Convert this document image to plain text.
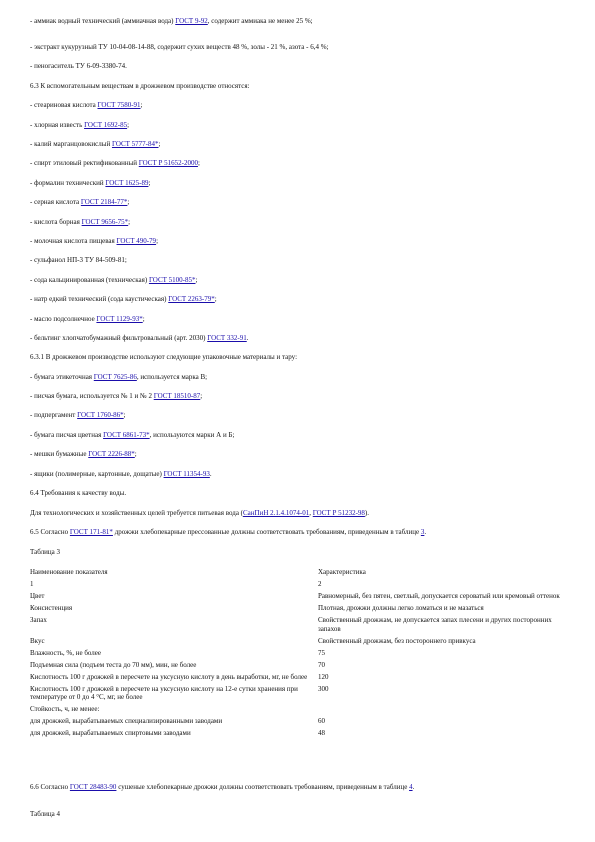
- аммиак водный технический (аммиачная вода) ГОСТ 9-92, содержит аммиака не менее 25 %;
- экстракт кукурузный ТУ 10-04-08-14-88, содержит сухих веществ 48 %, золы - 21 %, азота - 6,4 %;
- пеногаситель ТУ 6-09-3380-74.
6.3 К вспомогательным веществам в дрожжевом производстве относятся:
- стеариновая кислота ГОСТ 7580-91;
- хлорная известь ГОСТ 1692-85;
- калий марганцовокислый ГОСТ 5777-84*;
- спирт этиловый ректификованный ГОСТ Р 51652-2000;
- формалин технический ГОСТ 1625-89;
- серная кислота ГОСТ 2184-77*;
- кислота борная ГОСТ 9656-75*;
- молочная кислота пищевая ГОСТ 490-79;
- сульфанол НП-3 ТУ 84-509-81;
- сода кальцинированная (техническая) ГОСТ 5100-85*;
- натр едкий технический (сода каустическая) ГОСТ 2263-79*;
- масло подсолнечное ГОСТ 1129-93*;
- бельтинг хлопчатобумажный фильтровальный (арт. 2030) ГОСТ 332-91.
6.3.1 В дрожжевом производстве используют следующие упаковочные материалы и тару:
- бумага этикеточная ГОСТ 7625-86, используется марка В;
- писчая бумага, используется № 1 и № 2 ГОСТ 18510-87;
- подпергамент ГОСТ 1760-86*;
- бумага писчая цветная ГОСТ 6861-73*, используются марки А и Б;
- мешки бумажные ГОСТ 2226-88*;
- ящики (полимерные, картонные, дощатые) ГОСТ 11354-93.
6.4 Требования к качеству воды.
Для технологических и хозяйственных целей требуется питьевая вода (СанПиН 2.1.4.1074-01, ГОСТ Р 51232-98).
6.5 Согласно ГОСТ 171-81* дрожжи хлебопекарные прессованные должны соответствовать требованиям, приведенным в таблице 3.
Таблица 3
6.6 Согласно ГОСТ 28483-90 сушеные хлебопекарные дрожжи должны соответствовать требованиям, приведенным в таблице 4.
Таблица 4
Наименование показателя	Характеристика
1	2
Цвет	Равномерный, без пятен, светлый, допускается сероватый или кремовый оттенок
Консистенция	Плотная, дрожжи должны легко ломаться и не мазаться
Запах	Свойственный дрожжам, не допускается запах плесени и других посторонних запахов
Вкус	Свойственный дрожжам, без постороннего привкуса
Влажность, %, не более	75
Подъемная сила (подъем теста до 70 мм), мин, не более	70
Кислотность 100 г дрожжей в пересчете на уксусную кислоту в день выработки, мг, не более	120
Кислотность 100 г дрожжей в пересчете на уксусную кислоту на 12-е сутки хранения при температуре от 0 до 4 °С, мг, не более	300
Стойкость, ч, не менее:	
для дрожжей, вырабатываемых специализированными заводами	60
для дрожжей, вырабатываемых спиртовыми заводами	48
